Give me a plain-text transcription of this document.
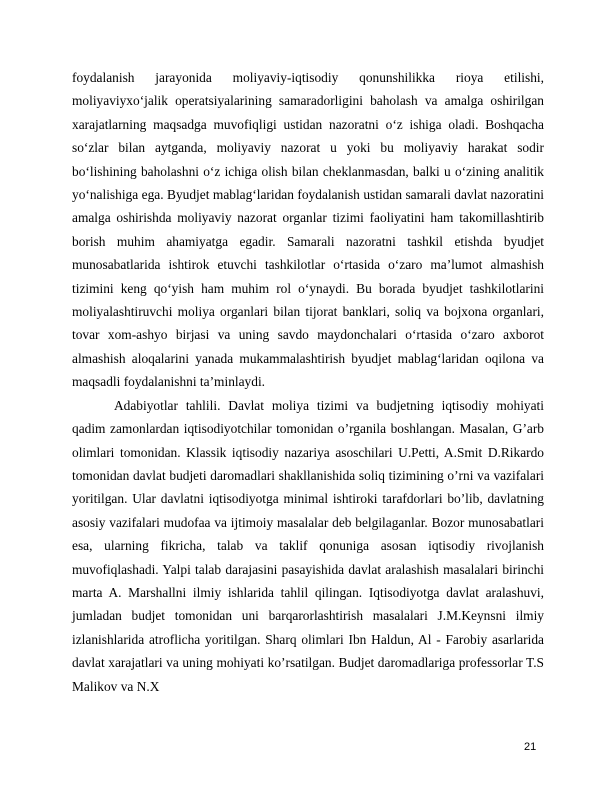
foydalanish jarayonida moliyaviy-iqtisodiy qonunshilikka rioya etilishi, moliyaviyxo‘jalik operatsiyalarining samaradorligini baholash va amalga oshirilgan xarajatlarning maqsadga muvofiqligi ustidan nazoratni o‘z ishiga oladi. Boshqacha so‘zlar bilan aytganda, moliyaviy nazorat u yoki bu moliyaviy harakat sodir bo‘lishining baholashni o‘z ichiga olish bilan cheklanmasdan, balki u o‘zining analitik yo‘nalishiga ega. Byudjet mablag‘laridan foydalanish ustidan samarali davlat nazoratini amalga oshirishda moliyaviy nazorat organlar tizimi faoliyatini ham takomillashtirib borish muhim ahamiyatga egadir. Samarali nazoratni tashkil etishda byudjet munosabatlarida ishtirok etuvchi tashkilotlar o‘rtasida o‘zaro ma’lumot almashish tizimini keng qo‘yish ham muhim rol o‘ynaydi. Bu borada byudjet tashkilotlarini moliyalashtiruvchi moliya organlari bilan tijorat banklari, soliq va bojxona organlari, tovar xom-ashyo birjasi va uning savdo maydonchalari o‘rtasida o‘zaro axborot almashish aloqalarini yanada mukammalashtirish byudjet mablag‘laridan oqilona va maqsadli foydalanishni ta’minlaydi.

Adabiyotlar tahlili. Davlat moliya tizimi va budjetning iqtisodiy mohiyati qadim zamonlardan iqtisodiyotchilar tomonidan o’rganila boshlangan. Masalan, G’arb olimlari tomonidan. Klassik iqtisodiy nazariya asoschilari U.Petti, A.Smit D.Rikardo tomonidan davlat budjeti daromadlari shakllanishida soliq tizimining o’rni va vazifalari yoritilgan. Ular davlatni iqtisodiyotga minimal ishtiroki tarafdorlari bo’lib, davlatning asosiy vazifalari mudofaa va ijtimoiy masalalar deb belgilaganlar. Bozor munosabatlari esa, ularning fikricha, talab va taklif qonuniga asosan iqtisodiy rivojlanish muvofiqlashadi. Yalpi talab darajasini pasayishida davlat aralashish masalalari birinchi marta A. Marshallni ilmiy ishlarida tahlil qilingan. Iqtisodiyotga davlat aralashuvi, jumladan budjet tomonidan uni barqarorlashtirish masalalari J.M.Keynsni ilmiy izlanishlarida atroflicha yoritilgan. Sharq olimlari Ibn Haldun, Al - Farobiy asarlarida davlat xarajatlari va uning mohiyati ko’rsatilgan. Budjet daromadlariga professorlar T.S Malikov va N.X

21
